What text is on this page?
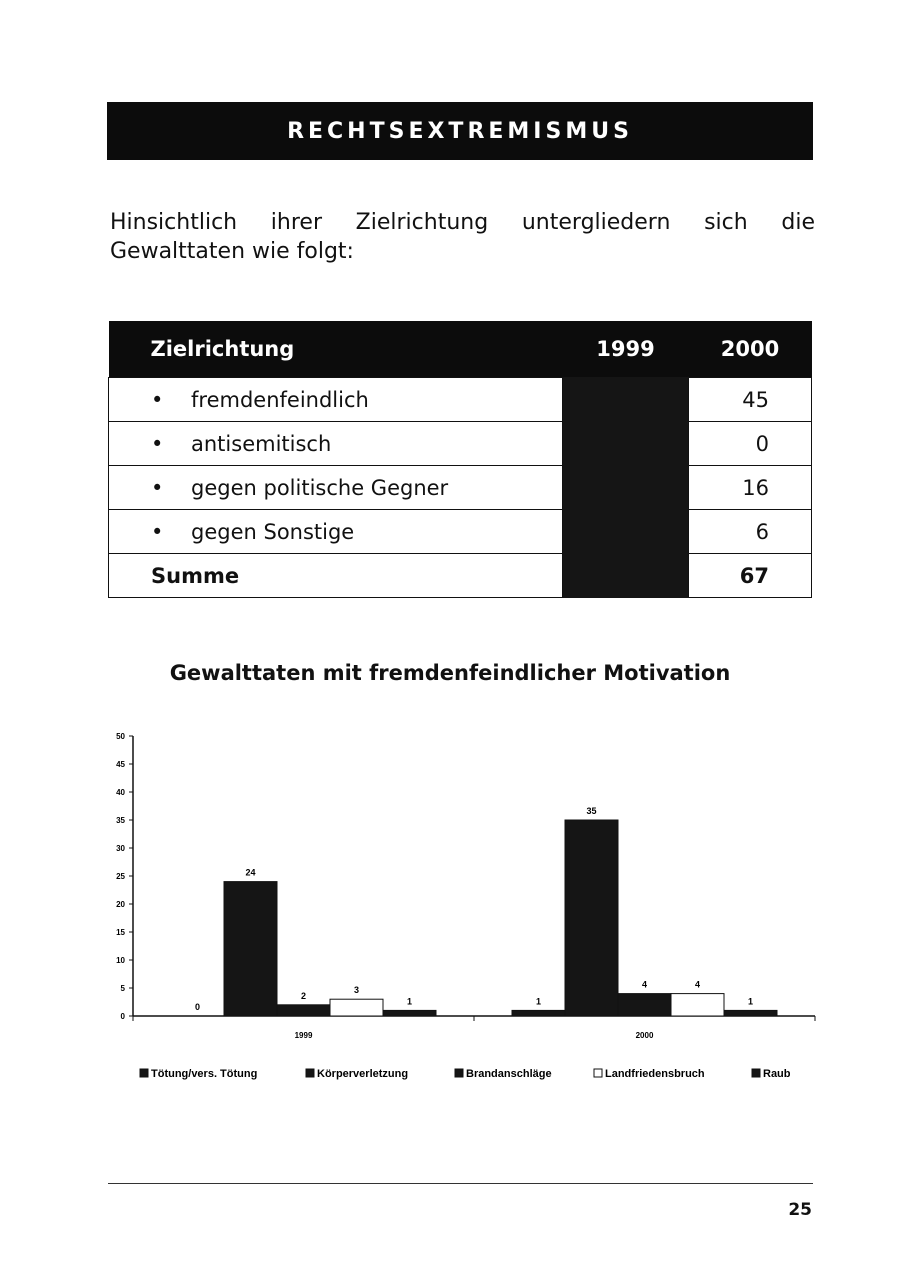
RECHTSEXTREMISMUS
Hinsichtlich ihrer Zielrichtung untergliedern sich die Gewalttaten wie folgt:
Zielrichtung	1999	2000
• fremdenfeindlich		45
• antisemitisch		0
• gegen politische Gegner		16
• gegen Sonstige		6
Summe		67
Gewalttaten mit fremdenfeindlicher Motivation
0
5
10
15
20
25
30
35
40
45
50
0
24
2
3
1
1999
1
35
4	4
1
2000
Tötung/vers. Tötung	Körperverletzung	Brandanschläge	Landfriedensbruch	Raub
25
